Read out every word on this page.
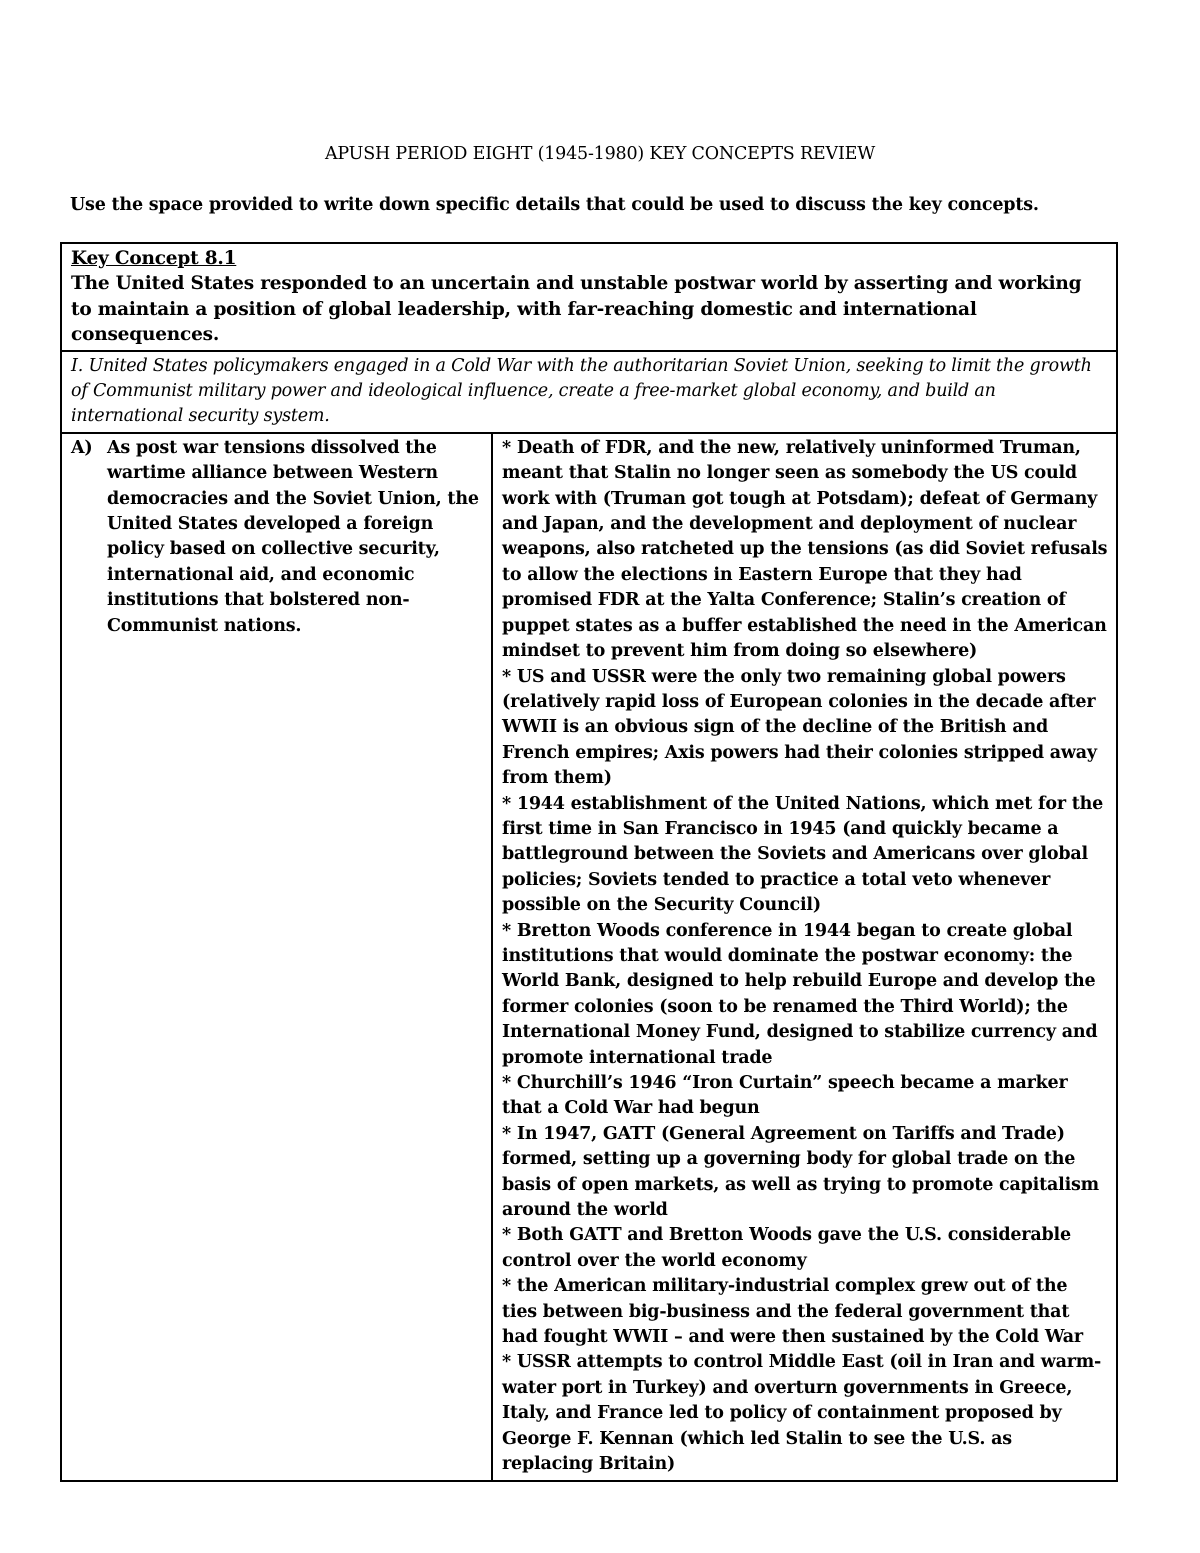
APUSH PERIOD EIGHT (1945-1980) KEY CONCEPTS REVIEW
Use the space provided to write down specific details that could be used to discuss the key concepts.
Key Concept 8.1
The United States responded to an uncertain and unstable postwar world by asserting and working to maintain a position of global leadership, with far-reaching domestic and international consequences.

I. United States policymakers engaged in a Cold War with the authoritarian Soviet Union, seeking to limit the growth of Communist military power and ideological influence, create a free-market global economy, and build an international security system.

A) As post war tensions dissolved the wartime alliance between Western democracies and the Soviet Union, the United States developed a foreign policy based on collective security, international aid, and economic institutions that bolstered non-Communist nations.

* Death of FDR, and the new, relatively uninformed Truman, meant that Stalin no longer seen as somebody the US could work with (Truman got tough at Potsdam); defeat of Germany and Japan, and the development and deployment of nuclear weapons, also ratcheted up the tensions (as did Soviet refusals to allow the elections in Eastern Europe that they had promised FDR at the Yalta Conference; Stalin’s creation of puppet states as a buffer established the need in the American mindset to prevent him from doing so elsewhere)

* US and USSR were the only two remaining global powers (relatively rapid loss of European colonies in the decade after WWII is an obvious sign of the decline of the British and French empires; Axis powers had their colonies stripped away from them)

* 1944 establishment of the United Nations, which met for the first time in San Francisco in 1945 (and quickly became a battleground between the Soviets and Americans over global policies; Soviets tended to practice a total veto whenever possible on the Security Council)

* Bretton Woods conference in 1944 began to create global institutions that would dominate the postwar economy: the World Bank, designed to help rebuild Europe and develop the former colonies (soon to be renamed the Third World); the International Money Fund, designed to stabilize currency and promote international trade

* Churchill’s 1946 “Iron Curtain” speech became a marker that a Cold War had begun

* In 1947, GATT (General Agreement on Tariffs and Trade) formed, setting up a governing body for global trade on the basis of open markets, as well as trying to promote capitalism around the world

* Both GATT and Bretton Woods gave the U.S. considerable control over the world economy

* the American military-industrial complex grew out of the ties between big-business and the federal government that had fought WWII – and were then sustained by the Cold War

* USSR attempts to control Middle East (oil in Iran and warm-water port in Turkey) and overturn governments in Greece, Italy, and France led to policy of containment proposed by George F. Kennan (which led Stalin to see the U.S. as replacing Britain)
